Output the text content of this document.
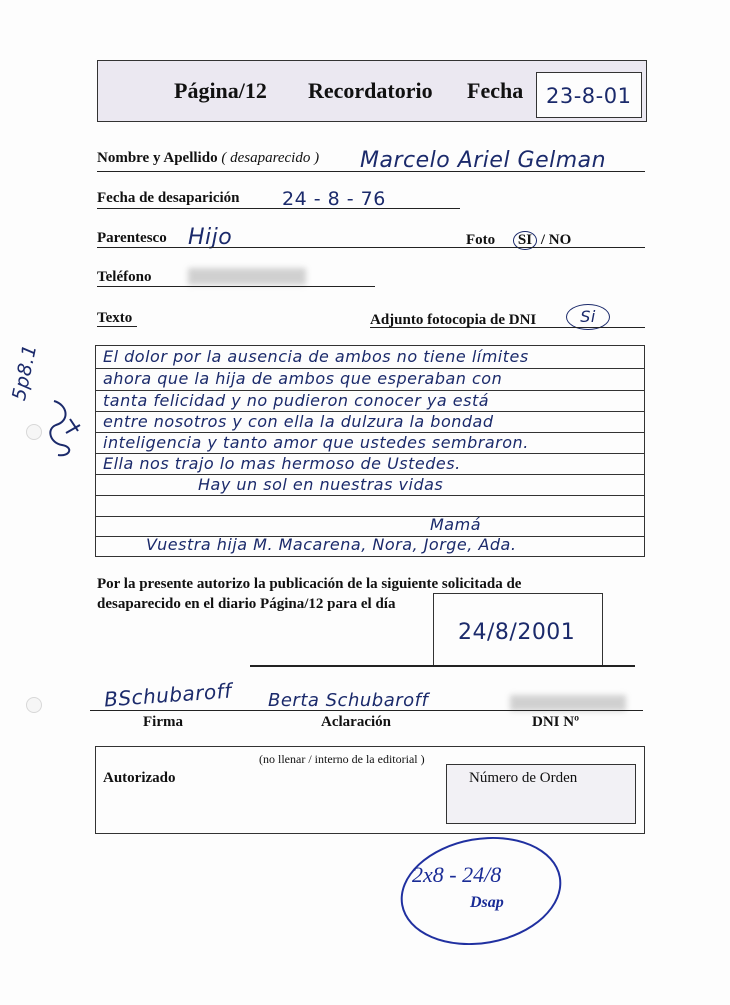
Página/12 Recordatorio Fecha 23-8-01
Nombre y Apellido ( desaparecido ) Marcelo Ariel Gelman
Fecha de desaparición 24 - 8 - 76
Parentesco Hijo	Foto SI / NO
Teléfono
Texto	Adjunto fotocopia de DNI	Si
5p8.1	El dolor por la ausencia de ambos no tiene límites
ahora que la hija de ambos que esperaban con
tanta felicidad y no pudieron conocer ya está
entre nosotros y con ella la dulzura la bondad
inteligencia y tanto amor que ustedes sembraron.
Ella nos trajo lo mas hermoso de Ustedes.
Hay un sol en nuestras vidas
Mamá
Vuestra hija M. Macarena, Nora, Jorge, Ada.
Por la presente autorizo la publicación de la siguiente solicitada de
desaparecido en el diario Página/12 para el día
24/8/2001
BSchubaroff Berta Schubaroff
Firma	Aclaración	DNI Nº
(no llenar / interno de la editorial )
Autorizado	Número de Orden
2x8 - 24/8
Dsap
